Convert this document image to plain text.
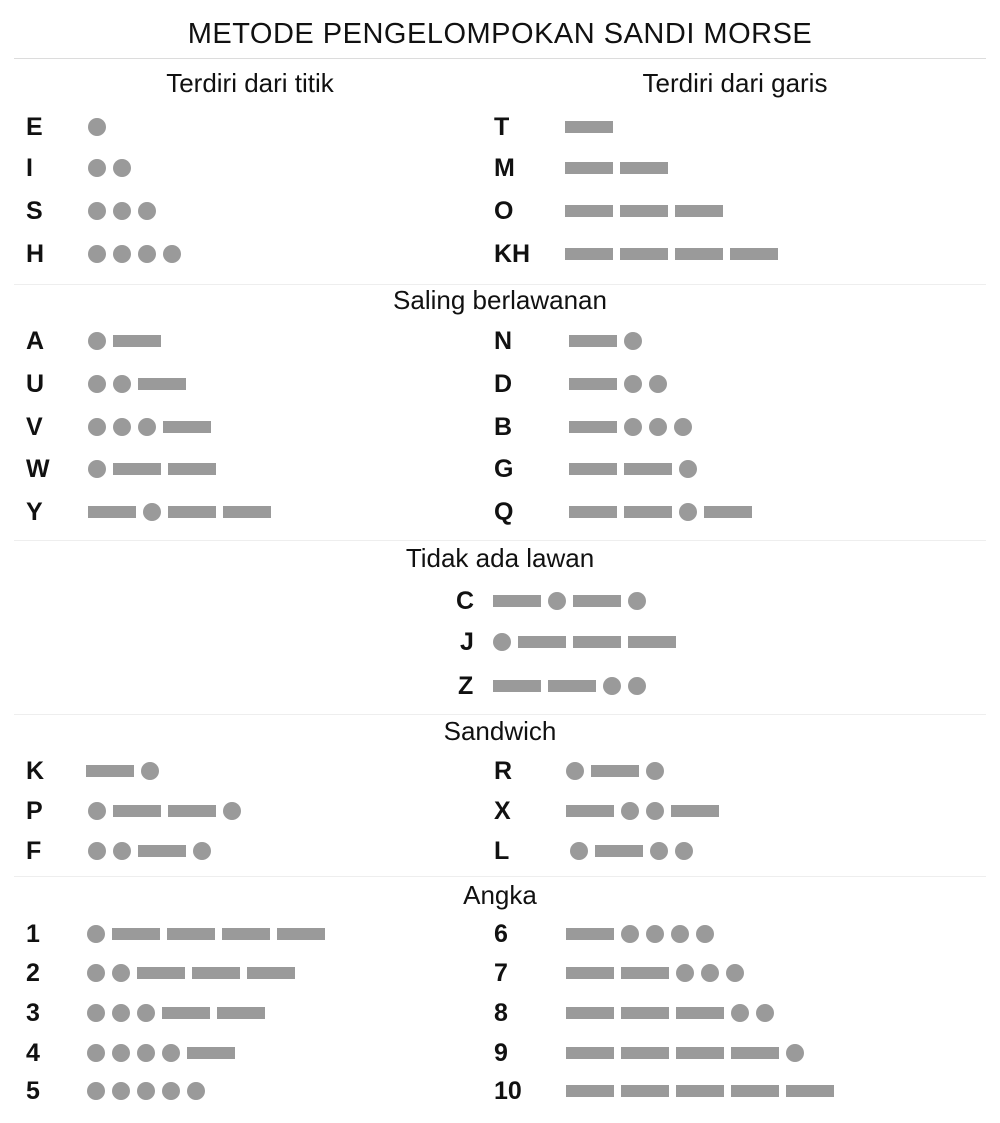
METODE PENGELOMPOKAN SANDI MORSE
Terdiri dari titik	Terdiri dari garis
Saling berlawanan
Tidak ada lawan
Sandwich
Angka
E
I
S
H
T
M
O
KH
A
U
V
W
Y
N
D
B
G
Q
C
J
Z
K
P
F
R
X
L
1
2
3
4
5
6
7
8
9
10
